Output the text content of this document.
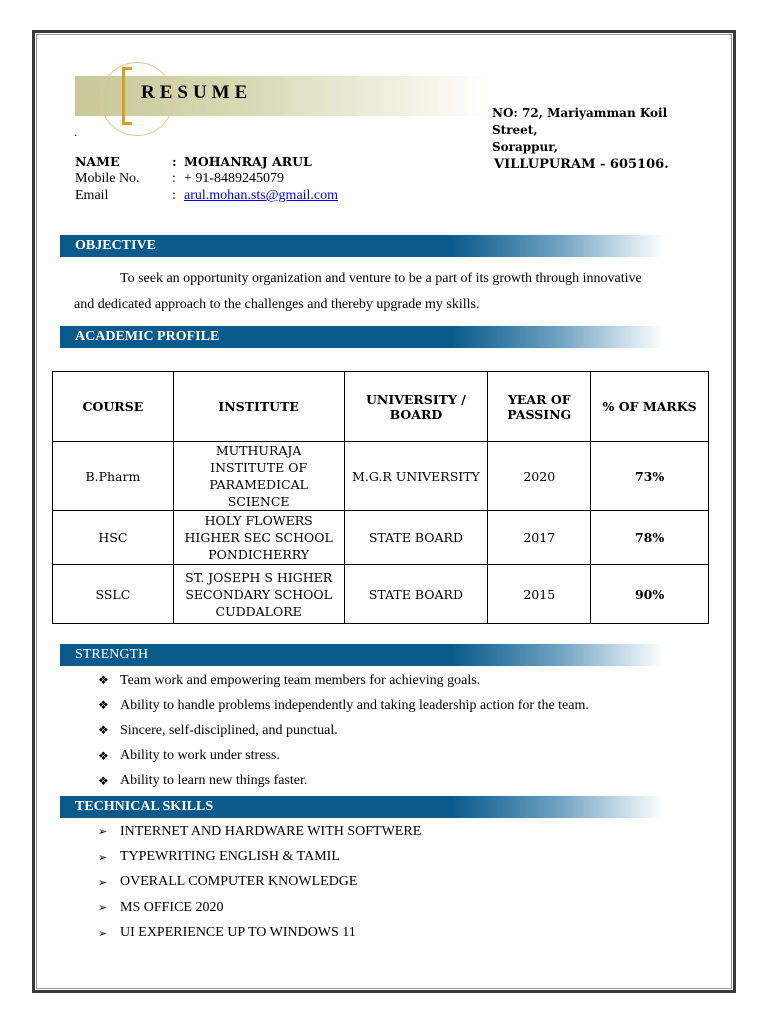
RESUME
.
NO: 72, Mariyamman Koil
Street,
Sorappur,
VILLUPURAM - 605106.
NAME	: MOHANRAJ ARUL
Mobile No.	: + 91-8489245079
Email	: arul.mohan.sts@gmail.com
OBJECTIVE
To seek an opportunity organization and venture to be a part of its growth through innovative and dedicated approach to the challenges and thereby upgrade my skills.
ACADEMIC PROFILE
COURSE	INSTITUTE	UNIVERSITY / BOARD	YEAR OF PASSING	% OF MARKS
B.Pharm	MUTHURAJA INSTITUTE OF PARAMEDICAL SCIENCE	M.G.R UNIVERSITY	2020	73%
HSC	HOLY FLOWERS HIGHER SEC SCHOOL PONDICHERRY	STATE BOARD	2017	78%
SSLC	ST. JOSEPH S HIGHER SECONDARY SCHOOL CUDDALORE	STATE BOARD	2015	90%
STRENGTH
❖ Team work and empowering team members for achieving goals.
❖ Ability to handle problems independently and taking leadership action for the team.
❖ Sincere, self-disciplined, and punctual.
❖ Ability to work under stress.
❖ Ability to learn new things faster.
TECHNICAL SKILLS
➢ INTERNET AND HARDWARE WITH SOFTWERE
➢ TYPEWRITING ENGLISH & TAMIL
➢ OVERALL COMPUTER KNOWLEDGE
➢ MS OFFICE 2020
➢ UI EXPERIENCE UP TO WINDOWS 11
